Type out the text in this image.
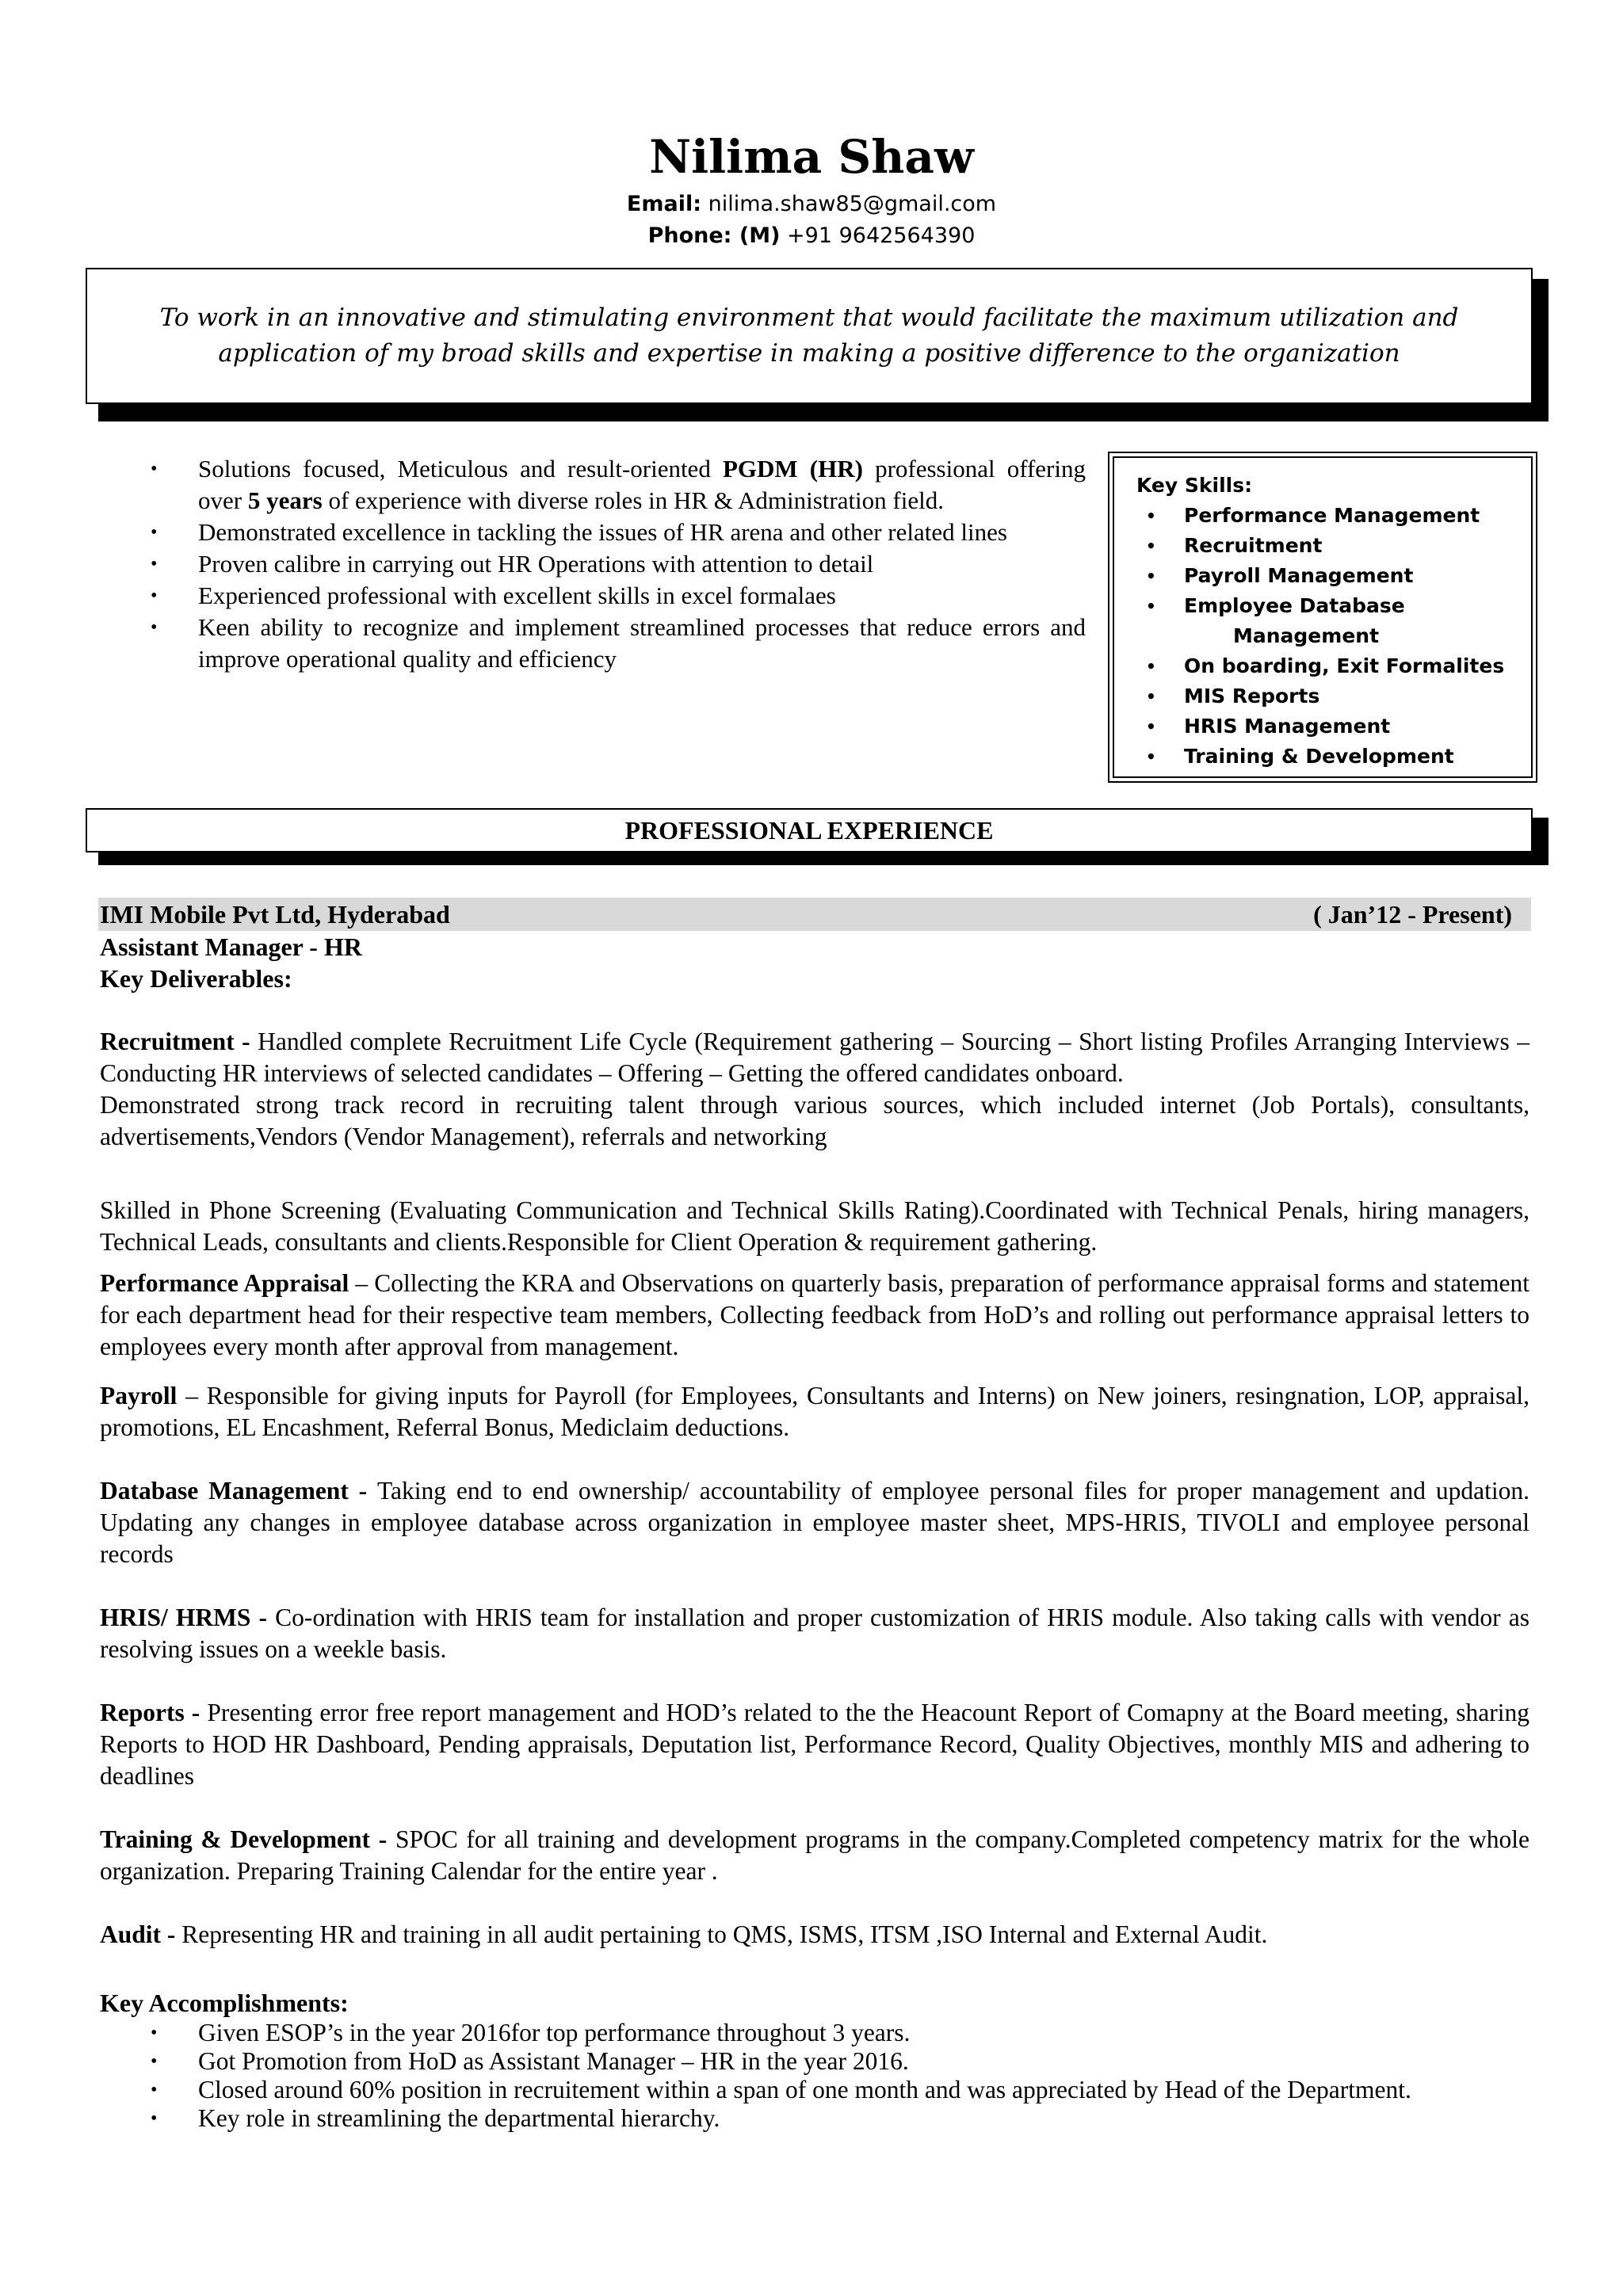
Nilima Shaw
Email: nilima.shaw85@gmail.com
Phone: (M) +91 9642564390
To work in an innovative and stimulating environment that would facilitate the maximum utilization and application of my broad skills and expertise in making a positive difference to the organization
• Solutions focused, Meticulous and result-oriented PGDM (HR) professional offering over 5 years of experience with diverse roles in HR & Administration field.
• Demonstrated excellence in tackling the issues of HR arena and other related lines
• Proven calibre in carrying out HR Operations with attention to detail
• Experienced professional with excellent skills in excel formalaes
• Keen ability to recognize and implement streamlined processes that reduce errors and improve operational quality and efficiency
Key Skills:
• Performance Management
• Recruitment
• Payroll Management
• Employee Database
Management
• On boarding, Exit Formalites
• MIS Reports
• HRIS Management
• Training & Development
PROFESSIONAL EXPERIENCE
IMI Mobile Pvt Ltd, Hyderabad	( Jan’12 - Present)
Assistant Manager - HR
Key Deliverables:

Recruitment - Handled complete Recruitment Life Cycle (Requirement gathering – Sourcing – Short listing Profiles Arranging Interviews – Conducting HR interviews of selected candidates – Offering – Getting the offered candidates onboard.

Demonstrated strong track record in recruiting talent through various sources, which included internet (Job Portals), consultants, advertisements,Vendors (Vendor Management), referrals and networking

Skilled in Phone Screening (Evaluating Communication and Technical Skills Rating).Coordinated with Technical Penals, hiring managers, Technical Leads, consultants and clients.Responsible for Client Operation & requirement gathering.

Performance Appraisal – Collecting the KRA and Observations on quarterly basis, preparation of performance appraisal forms and statement for each department head for their respective team members, Collecting feedback from HoD’s and rolling out performance appraisal letters to employees every month after approval from management.

Payroll – Responsible for giving inputs for Payroll (for Employees, Consultants and Interns) on New joiners, resingnation, LOP, appraisal, promotions, EL Encashment, Referral Bonus, Mediclaim deductions.

Database Management - Taking end to end ownership/ accountability of employee personal files for proper management and updation. Updating any changes in employee database across organization in employee master sheet, MPS-HRIS, TIVOLI and employee personal records

HRIS/ HRMS - Co-ordination with HRIS team for installation and proper customization of HRIS module. Also taking calls with vendor as resolving issues on a weekle basis.

Reports - Presenting error free report management and HOD’s related to the the Heacount Report of Comapny at the Board meeting, sharing Reports to HOD HR Dashboard, Pending appraisals, Deputation list, Performance Record, Quality Objectives, monthly MIS and adhering to deadlines

Training & Development - SPOC for all training and development programs in the company.Completed competency matrix for the whole organization. Preparing Training Calendar for the entire year .

Audit - Representing HR and training in all audit pertaining to QMS, ISMS, ITSM ,ISO Internal and External Audit.

Key Accomplishments:
• Given ESOP’s in the year 2016for top performance throughout 3 years.
• Got Promotion from HoD as Assistant Manager – HR in the year 2016.
• Closed around 60% position in recruitement within a span of one month and was appreciated by Head of the Department.
• Key role in streamlining the departmental hierarchy.
